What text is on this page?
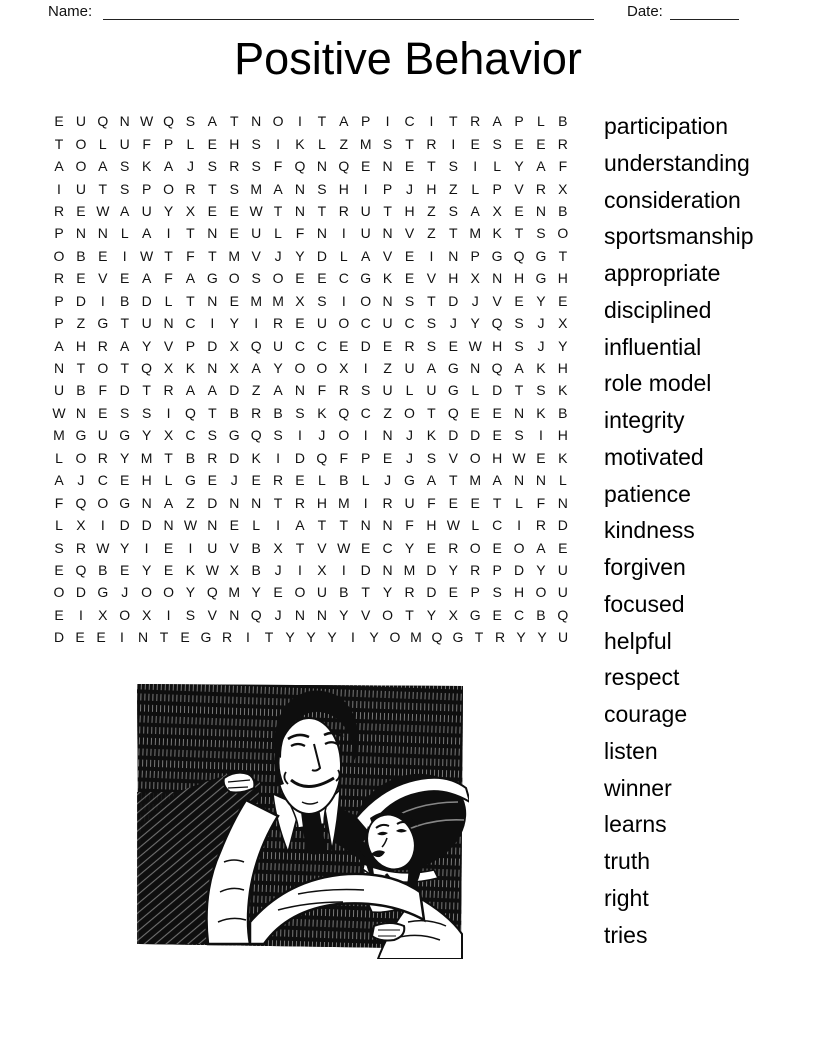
Name:	Date:
Positive Behavior
E U Q N W Q S A T N O	I	T A P	I	C	I	T R A P L B
T O L U F P L E H S	I	K L Z M S T R	I	E S E E R
A O A S K A J S R S F Q N Q E N E T S	I	L Y A F
I	U T S P O R T S M A N S H	I	P J H Z L P V R X
R E W A U Y X E E W T N T R U T H Z S A X E N B
P N N L A	I	T N E U L F N	I	U N V Z T M K T S O
O B E	I W T F T M V J Y D L A V E	I	N P G Q G T
R E V E A F A G O S O E E C G K E V H X N H G H
P D	I	B D L T N E M M X S	I	O N S T D J V E Y E
P Z G T U N C	I	Y	I	R E U O C U C S J Y Q S J X
A H R A Y V P D X Q U C C E D E R S E W H S J Y
N T O T Q X K N X A Y O O X	I	Z U A G N Q A K H
U B F D T R A A D Z A N F R S U L U G L D T S K
W N E S S	I	Q T B R B S K Q C Z O T Q E E N K B
M G U G Y X C S G Q S	I	J O	I	N J K D D E S	I	H
L O R Y M T B R D K	I	D Q F P E J S V O H W E K
A J C E H L G E J E R E L B L J G A T M A N N L
F Q O G N A Z D N N T R H M	I	R U F E E T L F N
L X	I	D D N W N E L	I	A T T N N F H W L C	I	R D
S R W Y	I	E	I	U V B X T V W E C Y E R O E O A E
E Q B E Y E K W X B J	I	X	I	D N M D Y R P D Y U
O D G J O O Y Q M Y E O U B T Y R D E P S H O U
E	I	X O X	I	S V N Q J N N Y V O T Y X G E C B Q
D E E	I	N T E G R I	T Y Y Y	I	Y O M Q G T R Y Y U
participation
understanding
consideration
sportsmanship
appropriate
disciplined
influential
role model
integrity
motivated
patience
kindness
forgiven
focused
helpful
respect
courage
listen
winner
learns
truth
right
tries
